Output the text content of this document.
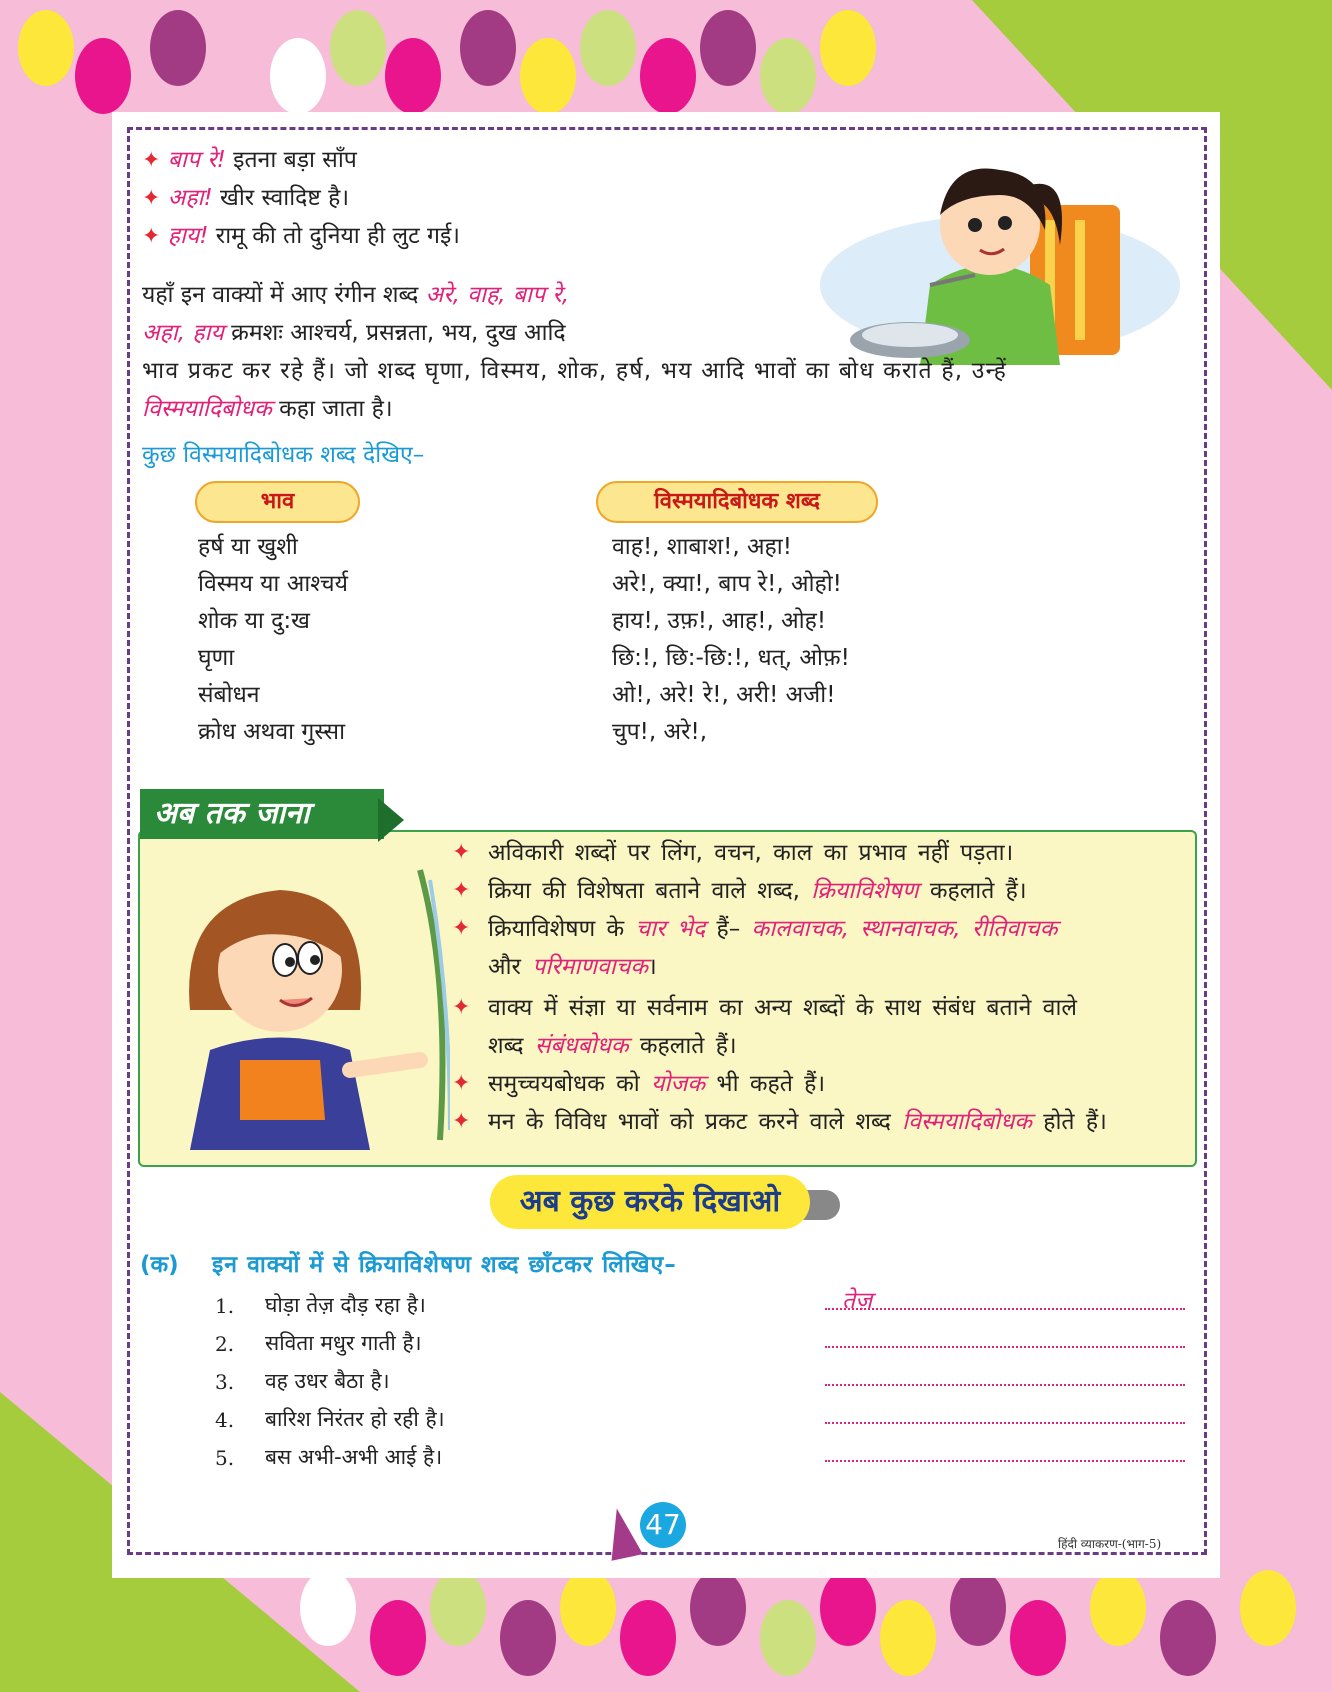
✦ बाप रे! इतना बड़ा साँप
✦ अहा! खीर स्वादिष्ट है।
✦ हाय! रामू की तो दुनिया ही लुट गई।
यहाँ इन वाक्यों में आए रंगीन शब्द अरे, वाह, बाप रे,
अहा, हाय क्रमशः आश्चर्य, प्रसन्नता, भय, दुख आदि
भाव प्रकट कर रहे हैं। जो शब्द घृणा, विस्मय, शोक, हर्ष, भय आदि भावों का बोध कराते हैं, उन्हें
विस्मयादिबोधक कहा जाता है।
कुछ विस्मयादिबोधक शब्द देखिए–
भाव	विस्मयादिबोधक शब्द
हर्ष या खुशी	वाह!, शाबाश!, अहा!
विस्मय या आश्चर्य	अरे!, क्या!, बाप रे!, ओहो!
शोक या दु:ख	हाय!, उफ़!, आह!, ओह!
घृणा	छि:!, छि:-छि:!, धत्, ओफ़!
संबोधन	ओ!, अरे! रे!, अरी! अजी!
क्रोध अथवा गुस्सा	चुप!, अरे!,
अब तक जाना
✦ अविकारी शब्दों पर लिंग, वचन, काल का प्रभाव नहीं पड़ता।
✦ क्रिया की विशेषता बताने वाले शब्द, क्रियाविशेषण कहलाते हैं।
✦ क्रियाविशेषण के चार भेद हैं– कालवाचक, स्थानवाचक, रीतिवाचक
और परिमाणवाचक।
✦ वाक्य में संज्ञा या सर्वनाम का अन्य शब्दों के साथ संबंध बताने वाले
शब्द संबंधबोधक कहलाते हैं।
✦ समुच्चयबोधक को योजक भी कहते हैं।
✦ मन के विविध भावों को प्रकट करने वाले शब्द विस्मयादिबोधक होते हैं।
अब कुछ करके दिखाओ
(क) इन वाक्यों में से क्रियाविशेषण शब्द छाँटकर लिखिए–
1. घोड़ा तेज़ दौड़ रहा है।	तेज़
2. सविता मधुर गाती है।
3. वह उधर बैठा है।
4. बारिश निरंतर हो रही है।
5. बस अभी-अभी आई है।
47
हिंदी व्याकरण-(भाग-5)
